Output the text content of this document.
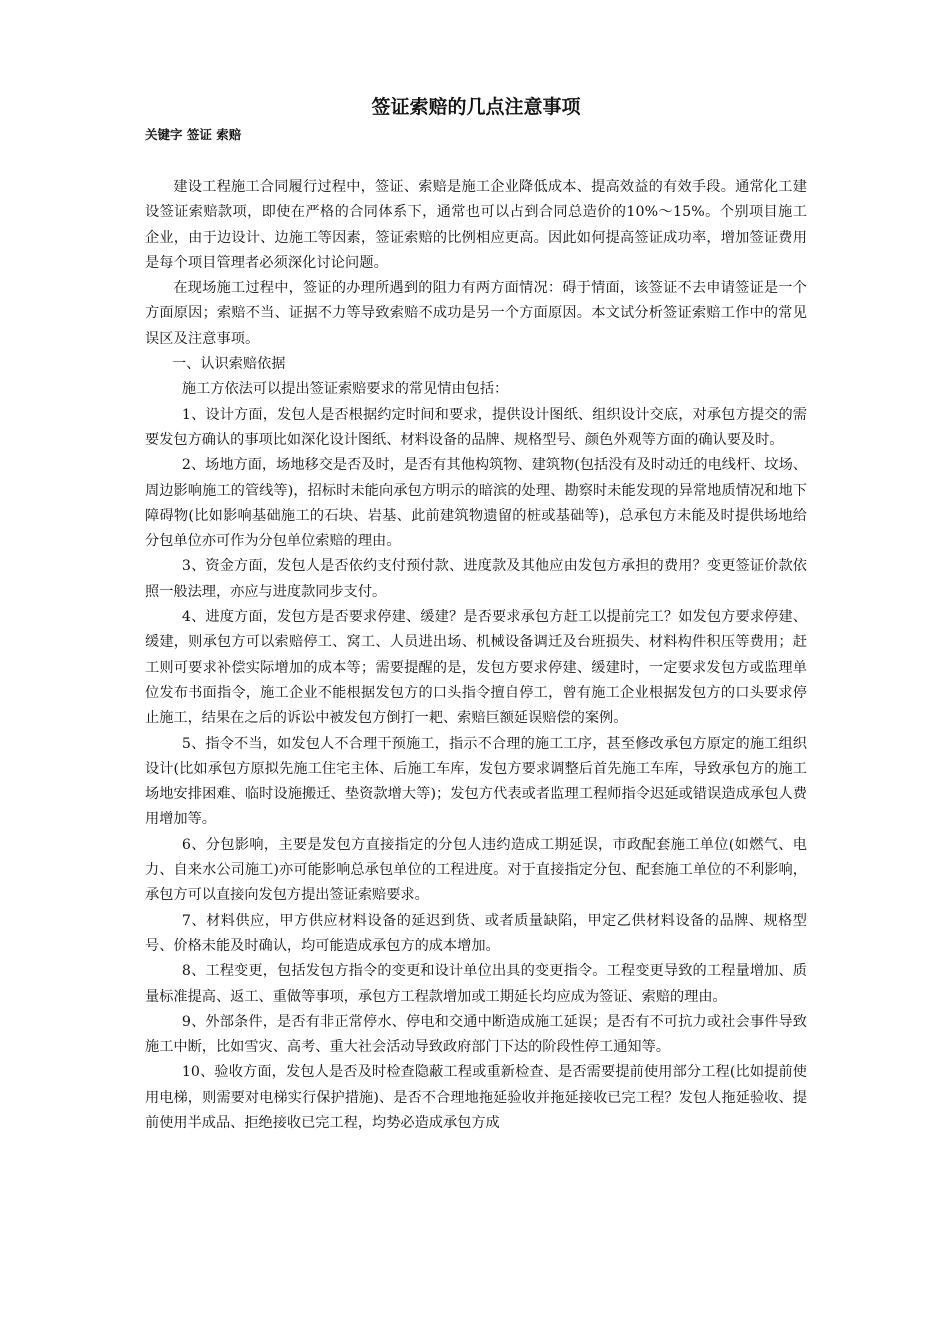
签证索赔的几点注意事项

关键字 签证 索赔

建设工程施工合同履行过程中，签证、索赔是施工企业降低成本、提高效益的有效手段。通常化工建设签证索赔款项，即使在严格的合同体系下，通常也可以占到合同总造价的10%～15%。个别项目施工企业，由于边设计、边施工等因素，签证索赔的比例相应更高。因此如何提高签证成功率，增加签证费用是每个项目管理者必须深化讨论问题。

在现场施工过程中，签证的办理所遇到的阻力有两方面情况：碍于情面，该签证不去申请签证是一个方面原因；索赔不当、证据不力等导致索赔不成功是另一个方面原因。本文试分析签证索赔工作中的常见误区及注意事项。

一、认识索赔依据

施工方依法可以提出签证索赔要求的常见情由包括：

1、设计方面，发包人是否根据约定时间和要求，提供设计图纸、组织设计交底，对承包方提交的需要发包方确认的事项比如深化设计图纸、材料设备的品牌、规格型号、颜色外观等方面的确认要及时。

2、场地方面，场地移交是否及时，是否有其他构筑物、建筑物(包括没有及时动迁的电线杆、坟场、周边影响施工的管线等)，招标时未能向承包方明示的暗滨的处理、勘察时未能发现的异常地质情况和地下障碍物(比如影响基础施工的石块、岩基、此前建筑物遗留的桩或基础等)，总承包方未能及时提供场地给分包单位亦可作为分包单位索赔的理由。

3、资金方面，发包人是否依约支付预付款、进度款及其他应由发包方承担的费用？变更签证价款依照一般法理，亦应与进度款同步支付。

4、进度方面，发包方是否要求停建、缓建？是否要求承包方赶工以提前完工？如发包方要求停建、缓建，则承包方可以索赔停工、窝工、人员进出场、机械设备调迁及台班损失、材料构件积压等费用；赶工则可要求补偿实际增加的成本等；需要提醒的是，发包方要求停建、缓建时，一定要求发包方或监理单位发布书面指令，施工企业不能根据发包方的口头指令擅自停工，曾有施工企业根据发包方的口头要求停止施工，结果在之后的诉讼中被发包方倒打一耙、索赔巨额延误赔偿的案例。

5、指令不当，如发包人不合理干预施工，指示不合理的施工工序，甚至修改承包方原定的施工组织设计(比如承包方原拟先施工住宅主体、后施工车库，发包方要求调整后首先施工车库，导致承包方的施工场地安排困难、临时设施搬迁、垫资款增大等)；发包方代表或者监理工程师指令迟延或错误造成承包人费用增加等。

6、分包影响，主要是发包方直接指定的分包人违约造成工期延误，市政配套施工单位(如燃气、电力、自来水公司施工)亦可能影响总承包单位的工程进度。对于直接指定分包、配套施工单位的不利影响，承包方可以直接向发包方提出签证索赔要求。

7、材料供应，甲方供应材料设备的延迟到货、或者质量缺陷，甲定乙供材料设备的品牌、规格型号、价格未能及时确认，均可能造成承包方的成本增加。

8、工程变更，包括发包方指令的变更和设计单位出具的变更指令。工程变更导致的工程量增加、质量标准提高、返工、重做等事项，承包方工程款增加或工期延长均应成为签证、索赔的理由。

9、外部条件，是否有非正常停水、停电和交通中断造成施工延误；是否有不可抗力或社会事件导致施工中断，比如雪灾、高考、重大社会活动导致政府部门下达的阶段性停工通知等。

10、验收方面，发包人是否及时检查隐蔽工程或重新检查、是否需要提前使用部分工程(比如提前使用电梯，则需要对电梯实行保护措施)、是否不合理地拖延验收并拖延接收已完工程？发包人拖延验收、提前使用半成品、拒绝接收已完工程，均势必造成承包方成
